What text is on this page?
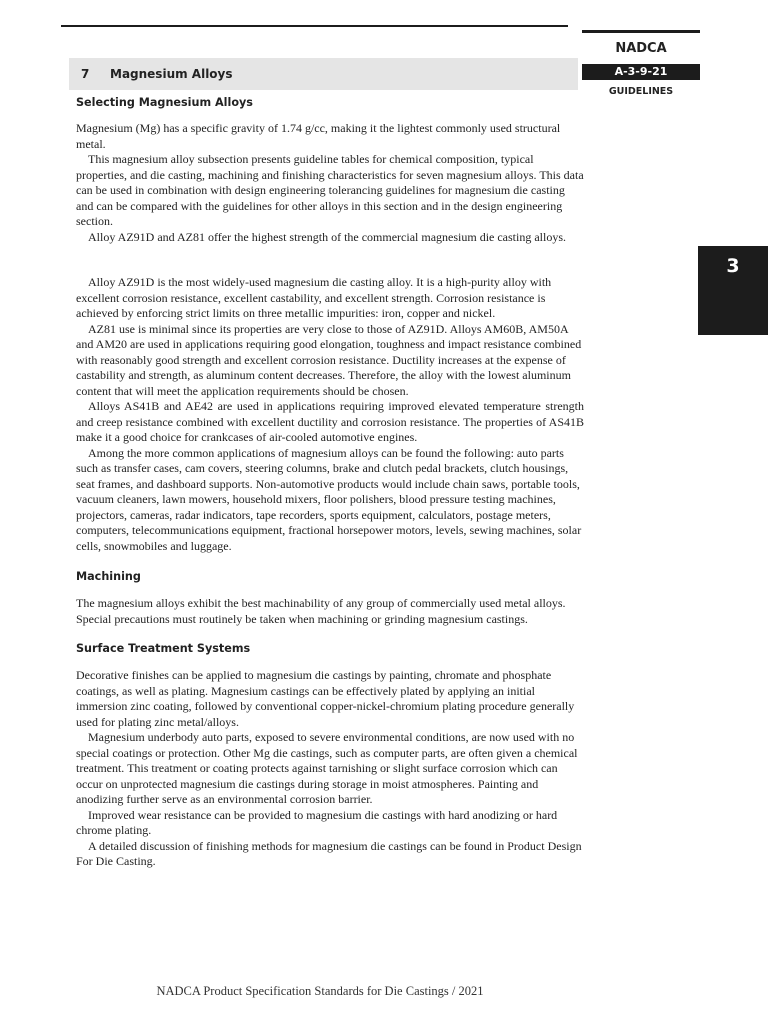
NADCA
A-3-9-21
GUIDELINES
3
7 Magnesium Alloys
Selecting Magnesium Alloys

Magnesium (Mg) has a specific gravity of 1.74 g/cc, making it the lightest commonly used structural metal.

This magnesium alloy subsection presents guideline tables for chemical composition, typical properties, and die casting, machining and finishing characteristics for seven magnesium alloys. This data can be used in combination with design engineering tolerancing guidelines for magnesium die casting and can be compared with the guidelines for other alloys in this section and in the design engineering section.

Alloy AZ91D and AZ81 offer the highest strength of the commercial magnesium die casting alloys.

Alloy AZ91D is the most widely-used magnesium die casting alloy. It is a high-purity alloy with excellent corrosion resistance, excellent castability, and excellent strength. Corrosion resistance is achieved by enforcing strict limits on three metallic impurities: iron, copper and nickel.

AZ81 use is minimal since its properties are very close to those of AZ91D. Alloys AM60B, AM50A and AM20 are used in applications requiring good elongation, toughness and impact resistance combined with reasonably good strength and excellent corrosion resistance. Ductility increases at the expense of castability and strength, as aluminum content decreases. Therefore, the alloy with the lowest aluminum content that will meet the application requirements should be chosen.

Alloys AS41B and AE42 are used in applications requiring improved elevated temperature strength and creep resistance combined with excellent ductility and corrosion resistance. The properties of AS41B make it a good choice for crankcases of air-cooled automotive engines.

Among the more common applications of magnesium alloys can be found the following: auto parts such as transfer cases, cam covers, steering columns, brake and clutch pedal brackets, clutch housings, seat frames, and dashboard supports. Non-automotive products would include chain saws, portable tools, vacuum cleaners, lawn mowers, household mixers, floor polishers, blood pressure testing machines, projectors, cameras, radar indicators, tape recorders, sports equipment, calculators, postage meters, computers, telecommunications equipment, fractional horsepower motors, levels, sewing machines, solar cells, snowmobiles and luggage.

Machining

The magnesium alloys exhibit the best machinability of any group of commercially used metal alloys. Special precautions must routinely be taken when machining or grinding magnesium castings.

Surface Treatment Systems

Decorative finishes can be applied to magnesium die castings by painting, chromate and phosphate coatings, as well as plating. Magnesium castings can be effectively plated by applying an initial immersion zinc coating, followed by conventional copper-nickel-chromium plating procedure generally used for plating zinc metal/alloys.

Magnesium underbody auto parts, exposed to severe environmental conditions, are now used with no special coatings or protection. Other Mg die castings, such as computer parts, are often given a chemical treatment. This treatment or coating protects against tarnishing or slight surface corrosion which can occur on unprotected magnesium die castings during storage in moist atmospheres. Painting and anodizing further serve as an environmental corrosion barrier.

Improved wear resistance can be provided to magnesium die castings with hard anodizing or hard chrome plating.

A detailed discussion of finishing methods for magnesium die castings can be found in Product Design For Die Casting.

NADCA Product Specification Standards for Die Castings / 2021
